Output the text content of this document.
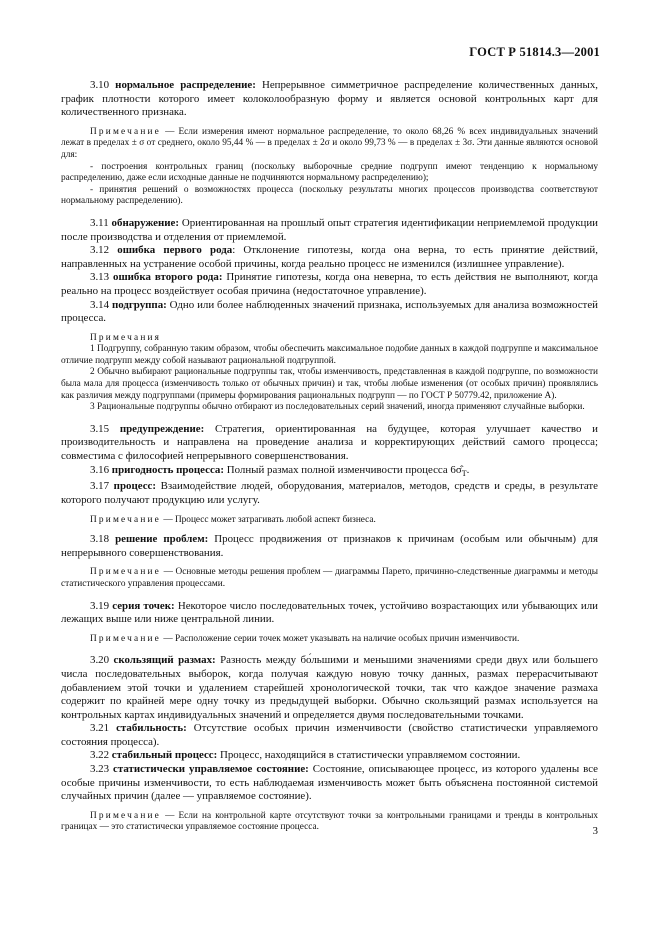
ГОСТ Р 51814.3—2001

3.10 нормальное распределение: Непрерывное симметричное распределение количественных данных, график плотности которого имеет колоколообразную форму и является основой контрольных карт для количественного признака.

Примечание — Если измерения имеют нормальное распределение, то около 68,26 % всех индивидуальных значений лежат в пределах ± σ от среднего, около 95,44 % — в пределах ± 2σ и около 99,73 % — в пределах ± 3σ. Эти данные являются основой для:

- построения контрольных границ (поскольку выборочные средние подгрупп имеют тенденцию к нормальному распределению, даже если исходные данные не подчиняются нормальному распределению);

- принятия решений о возможностях процесса (поскольку результаты многих процессов производства соответствуют нормальному распределению).

3.11 обнаружение: Ориентированная на прошлый опыт стратегия идентификации неприемлемой продукции после производства и отделения от приемлемой.

3.12 ошибка первого рода: Отклонение гипотезы, когда она верна, то есть принятие действий, направленных на устранение особой причины, когда реально процесс не изменился (излишнее управление).

3.13 ошибка второго рода: Принятие гипотезы, когда она неверна, то есть действия не выполняют, когда реально на процесс воздействует особая причина (недостаточное управление).

3.14 подгруппа: Одно или более наблюденных значений признака, используемых для анализа возможностей процесса.

Примечания

1 Подгруппу, собранную таким образом, чтобы обеспечить максимальное подобие данных в каждой подгруппе и максимальное отличие подгрупп между собой называют рациональной подгруппой.

2 Обычно выбирают рациональные подгруппы так, чтобы изменчивость, представленная в каждой подгруппе, по возможности была мала для процесса (изменчивость только от обычных причин) и так, чтобы любые изменения (от особых причин) проявлялись как различия между подгруппами (примеры формирования рациональных подгрупп — по ГОСТ Р 50779.42, приложение А).

3 Рациональные подгруппы обычно отбирают из последовательных серий значений, иногда применяют случайные выборки.

3.15 предупреждение: Стратегия, ориентированная на будущее, которая улучшает качество и производительность и направлена на проведение анализа и корректирующих действий самого процесса; совместима с философией непрерывного совершенствования.

3.16 пригодность процесса: Полный размах полной изменчивости процесса $6\sigmâ_T$.

3.17 процесс: Взаимодействие людей, оборудования, материалов, методов, средств и среды, в результате которого получают продукцию или услугу.

Примечание — Процесс может затрагивать любой аспект бизнеса.

3.18 решение проблем: Процесс продвижения от признаков к причинам (особым или обычным) для непрерывного совершенствования.

Примечание — Основные методы решения проблем — диаграммы Парето, причинно-следственные диаграммы и методы статистического управления процессами.

3.19 серия точек: Некоторое число последовательных точек, устойчиво возрастающих или убывающих или лежащих выше или ниже центральной линии.

Примечание — Расположение серии точек может указывать на наличие особых причин изменчивости.

3.20 скользящий размах: Разность между бо́льшими и меньшими значениями среди двух или большего числа последовательных выборок, когда получая каждую новую точку данных, размах перерасчитывают добавлением этой точки и удалением старейшей хронологической точки, так что каждое значение размаха содержит по крайней мере одну точку из предыдущей выборки. Обычно скользящий размах используется на контрольных картах индивидуальных значений и определяется двумя последовательными точками.

3.21 стабильность: Отсутствие особых причин изменчивости (свойство статистически управляемого состояния процесса).

3.22 стабильный процесс: Процесс, находящийся в статистически управляемом состоянии.

3.23 статистически управляемое состояние: Состояние, описывающее процесс, из которого удалены все особые причины изменчивости, то есть наблюдаемая изменчивость может быть объяснена постоянной системой случайных причин (далее — управляемое состояние).

Примечание — Если на контрольной карте отсутствуют точки за контрольными границами и тренды в контрольных границах — это статистически управляемое состояние процесса.	3
